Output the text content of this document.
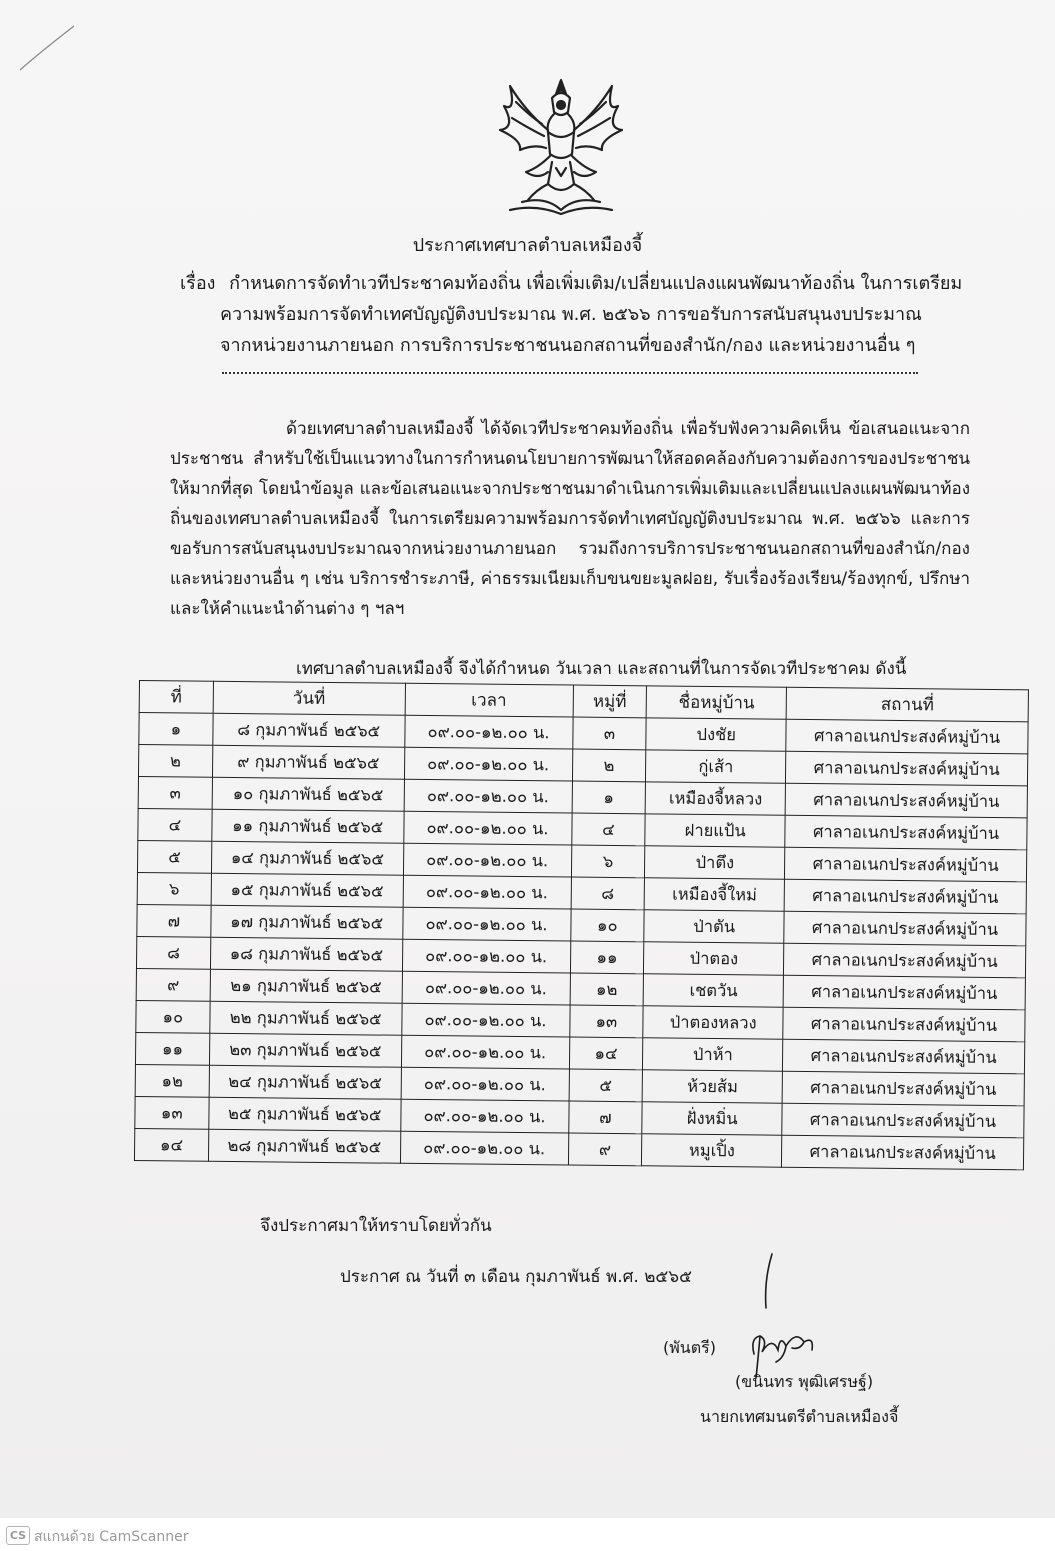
ประกาศเทศบาลตำบลเหมืองจี้
เรื่อง กำหนดการจัดทำเวทีประชาคมท้องถิ่น เพื่อเพิ่มเติม/เปลี่ยนแปลงแผนพัฒนาท้องถิ่น ในการเตรียม
ความพร้อมการจัดทำเทศบัญญัติงบประมาณ พ.ศ. ๒๕๖๖ การขอรับการสนับสนุนงบประมาณ
จากหน่วยงานภายนอก การบริการประชาชนนอกสถานที่ของสำนัก/กอง และหน่วยงานอื่น ๆ
ด้วยเทศบาลตำบลเหมืองจี้ ได้จัดเวทีประชาคมท้องถิ่น เพื่อรับฟังความคิดเห็น ข้อเสนอแนะจากประชาชน สำหรับใช้เป็นแนวทางในการกำหนดนโยบายการพัฒนาให้สอดคล้องกับความต้องการของประชาชนให้มากที่สุด โดยนำข้อมูล และข้อเสนอแนะจากประชาชนมาดำเนินการเพิ่มเติมและเปลี่ยนแปลงแผนพัฒนาท้องถิ่นของเทศบาลตำบลเหมืองจี้ ในการเตรียมความพร้อมการจัดทำเทศบัญญัติงบประมาณ พ.ศ. ๒๕๖๖ และการขอรับการสนับสนุนงบประมาณจากหน่วยงานภายนอก รวมถึงการบริการประชาชนนอกสถานที่ของสำนัก/กอง และหน่วยงานอื่น ๆ เช่น บริการชำระภาษี, ค่าธรรมเนียมเก็บขนขยะมูลฝอย, รับเรื่องร้องเรียน/ร้องทุกข์, ปรึกษา และให้คำแนะนำด้านต่าง ๆ ฯลฯ
เทศบาลตำบลเหมืองจี้ จึงได้กำหนด วันเวลา และสถานที่ในการจัดเวทีประชาคม ดังนี้
ที่	วันที่	เวลา	หมู่ที่	ชื่อหมู่บ้าน	สถานที่
๑	๘ กุมภาพันธ์ ๒๕๖๕	๐๙.๐๐-๑๒.๐๐ น.	๓	ปงชัย	ศาลาอเนกประสงค์หมู่บ้าน
๒	๙ กุมภาพันธ์ ๒๕๖๕	๐๙.๐๐-๑๒.๐๐ น.	๒	กู่เส้า	ศาลาอเนกประสงค์หมู่บ้าน
๓	๑๐ กุมภาพันธ์ ๒๕๖๕	๐๙.๐๐-๑๒.๐๐ น.	๑	เหมืองจี้หลวง	ศาลาอเนกประสงค์หมู่บ้าน
๔	๑๑ กุมภาพันธ์ ๒๕๖๕	๐๙.๐๐-๑๒.๐๐ น.	๔	ฝายแป้น	ศาลาอเนกประสงค์หมู่บ้าน
๕	๑๔ กุมภาพันธ์ ๒๕๖๕	๐๙.๐๐-๑๒.๐๐ น.	๖	ป่าตึง	ศาลาอเนกประสงค์หมู่บ้าน
๖	๑๕ กุมภาพันธ์ ๒๕๖๕	๐๙.๐๐-๑๒.๐๐ น.	๘	เหมืองจี้ใหม่	ศาลาอเนกประสงค์หมู่บ้าน
๗	๑๗ กุมภาพันธ์ ๒๕๖๕	๐๙.๐๐-๑๒.๐๐ น.	๑๐	ป่าตัน	ศาลาอเนกประสงค์หมู่บ้าน
๘	๑๘ กุมภาพันธ์ ๒๕๖๕	๐๙.๐๐-๑๒.๐๐ น.	๑๑	ป่าตอง	ศาลาอเนกประสงค์หมู่บ้าน
๙	๒๑ กุมภาพันธ์ ๒๕๖๕	๐๙.๐๐-๑๒.๐๐ น.	๑๒	เชตวัน	ศาลาอเนกประสงค์หมู่บ้าน
๑๐	๒๒ กุมภาพันธ์ ๒๕๖๕	๐๙.๐๐-๑๒.๐๐ น.	๑๓	ป่าตองหลวง	ศาลาอเนกประสงค์หมู่บ้าน
๑๑	๒๓ กุมภาพันธ์ ๒๕๖๕	๐๙.๐๐-๑๒.๐๐ น.	๑๔	ป่าห้า	ศาลาอเนกประสงค์หมู่บ้าน
๑๒	๒๔ กุมภาพันธ์ ๒๕๖๕	๐๙.๐๐-๑๒.๐๐ น.	๕	ห้วยส้ม	ศาลาอเนกประสงค์หมู่บ้าน
๑๓	๒๕ กุมภาพันธ์ ๒๕๖๕	๐๙.๐๐-๑๒.๐๐ น.	๗	ฝั่งหมิ่น	ศาลาอเนกประสงค์หมู่บ้าน
๑๔	๒๘ กุมภาพันธ์ ๒๕๖๕	๐๙.๐๐-๑๒.๐๐ น.	๙	หมูเปิ้ง	ศาลาอเนกประสงค์หมู่บ้าน
จึงประกาศมาให้ทราบโดยทั่วกัน
ประกาศ ณ วันที่ ๓ เดือน กุมภาพันธ์ พ.ศ. ๒๕๖๕
(พันตรี)
(ขนินทร พุฒิเศรษฐ์)
นายกเทศมนตรีตำบลเหมืองจี้
CS สแกนด้วย CamScanner
